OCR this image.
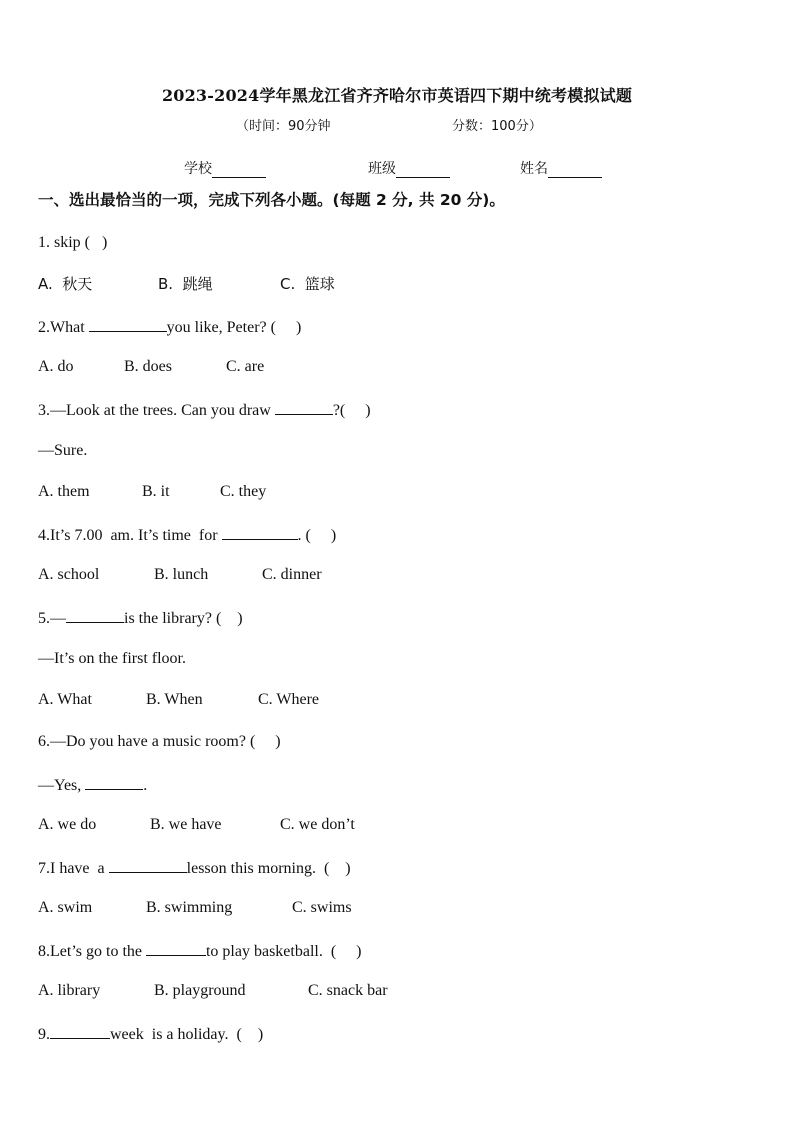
2023-2024学年黑龙江省齐齐哈尔市英语四下期中统考模拟试题
（时间：90分钟	分数：100分）
学校	班级	姓名
一、选出最恰当的一项，完成下列各小题。(每题 2 分, 共 20 分)。
1. skip (   )
A.  秋天	B.  跳绳	C.  篮球
2.What	you like, Peter? (     )
A. do	B. does	C. are
3.—Look at the trees. Can you draw	?(     )
—Sure.
A. them	B. it	C. they
4.It’s 7.00  am. It’s time  for	. (     )
A. school	B. lunch	C. dinner
5.—	is the library? (    )
—It’s on the first floor.
A. What	B. When	C. Where
6.—Do you have a music room? (     )
—Yes,	.
A. we do	B. we have	C. we don’t
7.I have  a	lesson this morning.  (    )
A. swim	B. swimming	C. swims
8.Let’s go to the	to play basketball.  (     )
A. library	B. playground	C. snack bar
9.	week  is a holiday.  (    )
